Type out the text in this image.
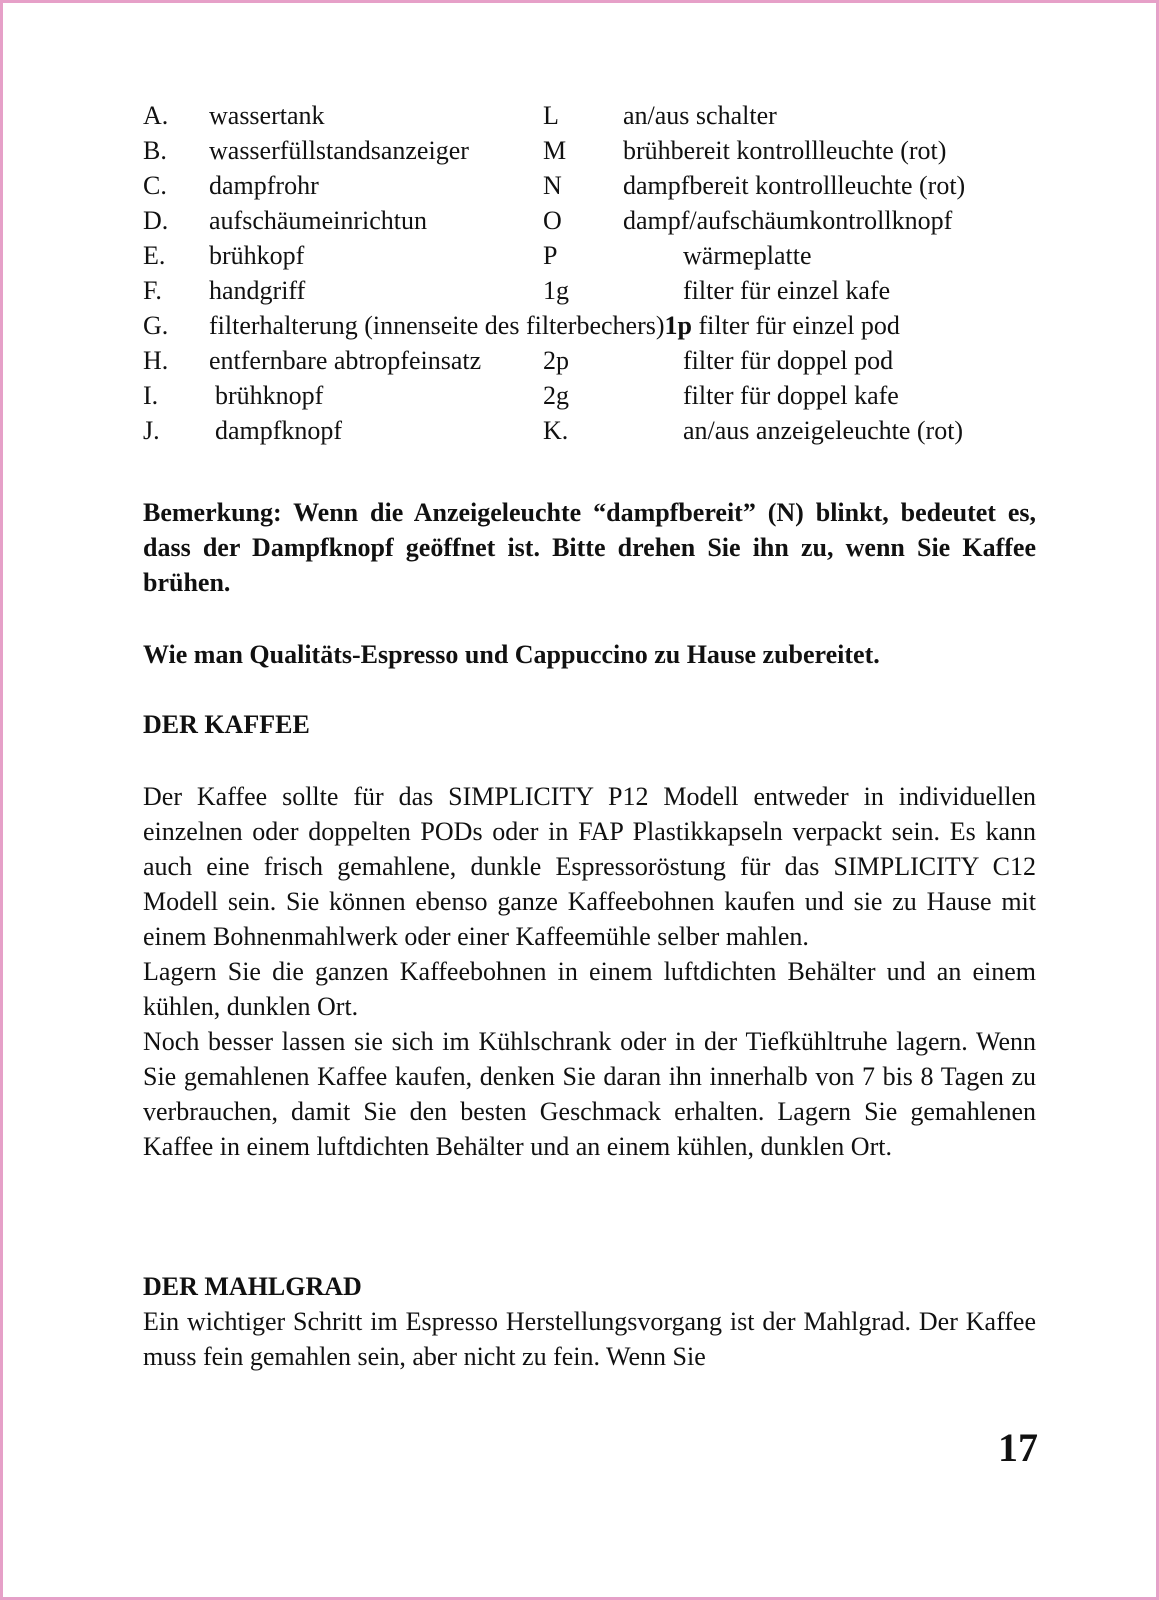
A. wassertank	L an/aus schalter
B. wasserfüllstandsanzeiger	M brühbereit kontrollleuchte (rot)
C. dampfrohr	N dampfbereit kontrollleuchte (rot)
D. aufschäumeinrichtun	O dampf/aufschäumkontrollknopf
E. brühkopf	P	wärmeplatte
F. handgriff	1g	filter für einzel kafe
G. filterhalterung (innenseite des filterbechers)1p filter für einzel pod
H. entfernbare abtropfeinsatz 2p	filter für doppel pod
I. brühknopf	2g	filter für doppel kafe
J. dampfknopf	K.	an/aus anzeigeleuchte (rot)

Bemerkung: Wenn die Anzeigeleuchte “dampfbereit” (N) blinkt, bedeutet es, dass der Dampfknopf geöffnet ist. Bitte drehen Sie ihn zu, wenn Sie Kaffee brühen.

Wie man Qualitäts-Espresso und Cappuccino zu Hause zubereitet.

DER KAFFEE

Der Kaffee sollte für das SIMPLICITY P12 Modell entweder in individuellen einzelnen oder doppelten PODs oder in FAP Plastikkapseln verpackt sein. Es kann auch eine frisch gemahlene, dunkle Espressoröstung für das SIMPLICITY C12 Modell sein. Sie können ebenso ganze Kaffeebohnen kaufen und sie zu Hause mit einem Bohnenmahlwerk oder einer Kaffeemühle selber mahlen.

Lagern Sie die ganzen Kaffeebohnen in einem luftdichten Behälter und an einem kühlen, dunklen Ort.

Noch besser lassen sie sich im Kühlschrank oder in der Tiefkühltruhe lagern. Wenn Sie gemahlenen Kaffee kaufen, denken Sie daran ihn innerhalb von 7 bis 8 Tagen zu verbrauchen, damit Sie den besten Geschmack erhalten. Lagern Sie gemahlenen Kaffee in einem luftdichten Behälter und an einem kühlen, dunklen Ort.

DER MAHLGRAD

Ein wichtiger Schritt im Espresso Herstellungsvorgang ist der Mahlgrad. Der Kaffee muss fein gemahlen sein, aber nicht zu fein. Wenn Sie

17
